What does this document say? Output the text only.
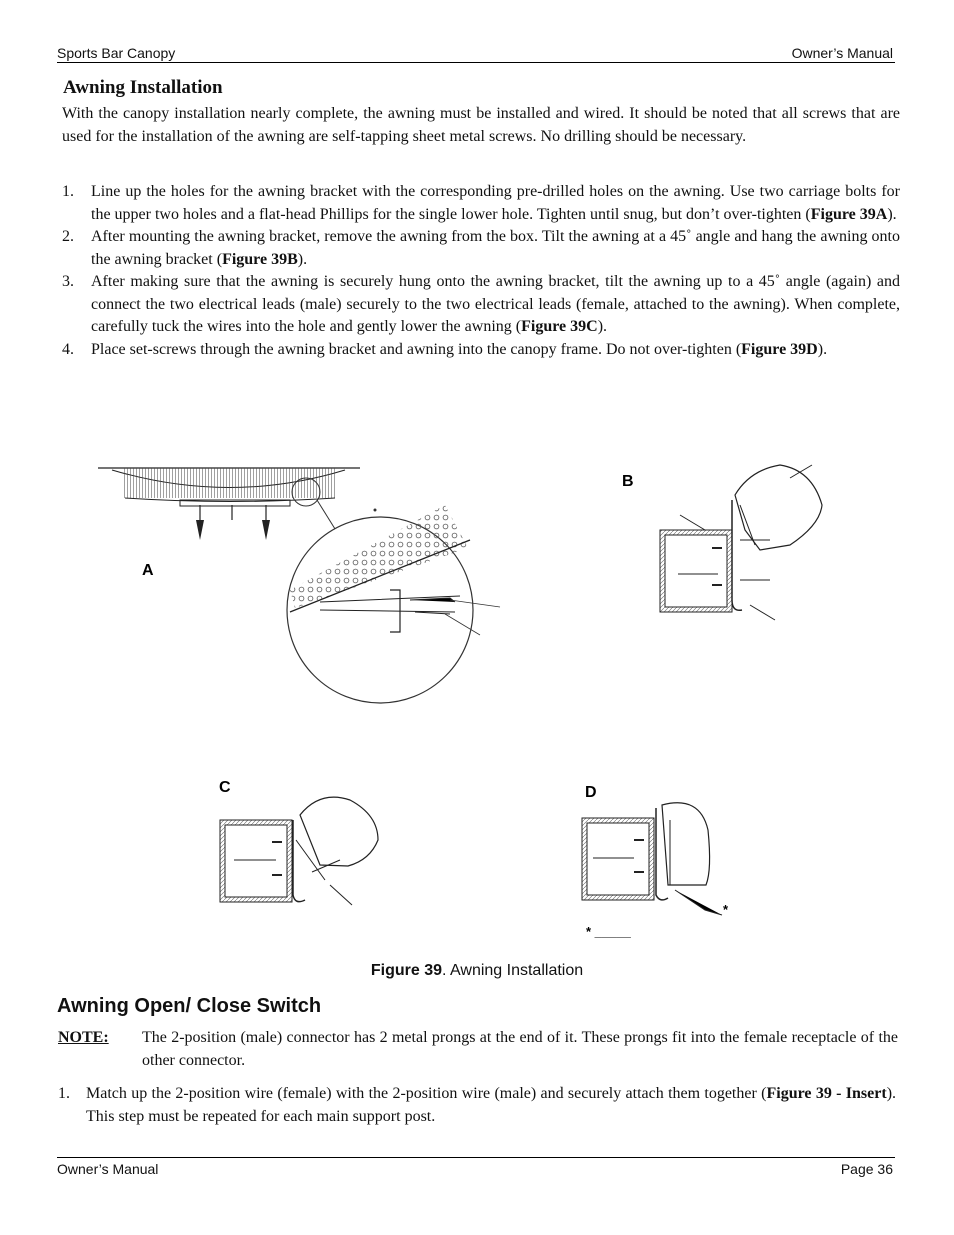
Sports Bar Canopy	Owner’s Manual
Awning Installation

With the canopy installation nearly complete, the awning must be installed and wired. It should be noted that all screws that are used for the installation of the awning are self-tapping sheet metal screws. No drilling should be necessary.

1. Line up the holes for the awning bracket with the corresponding pre-drilled holes on the awning. Use two carriage bolts for the upper two holes and a flat-head Phillips for the single lower hole. Tighten until snug, but don’t over-tighten (Figure 39A).
2. After mounting the awning bracket, remove the awning from the box. Tilt the awning at a 45˚ angle and hang the awning onto the awning bracket (Figure 39B).
3. After making sure that the awning is securely hung onto the awning bracket, tilt the awning up to a 45˚ angle (again) and connect the two electrical leads (male) securely to the two electrical leads (female, attached to the awning). When complete, carefully tuck the wires into the hole and gently lower the awning (Figure 39C).
4. Place set-screws through the awning bracket and awning into the canopy frame. Do not over-tighten (Figure 39D).
A
B
C	D
*
* _____
Figure 39. Awning Installation
Awning Open/ Close Switch
NOTE: The 2-position (male) connector has 2 metal prongs at the end of it. These prongs fit into the female receptacle of the other connector.
1. Match up the 2-position wire (female) with the 2-position wire (male) and securely attach them together (Figure 39 - Insert). This step must be repeated for each main support post.
Owner’s Manual	Page 36
